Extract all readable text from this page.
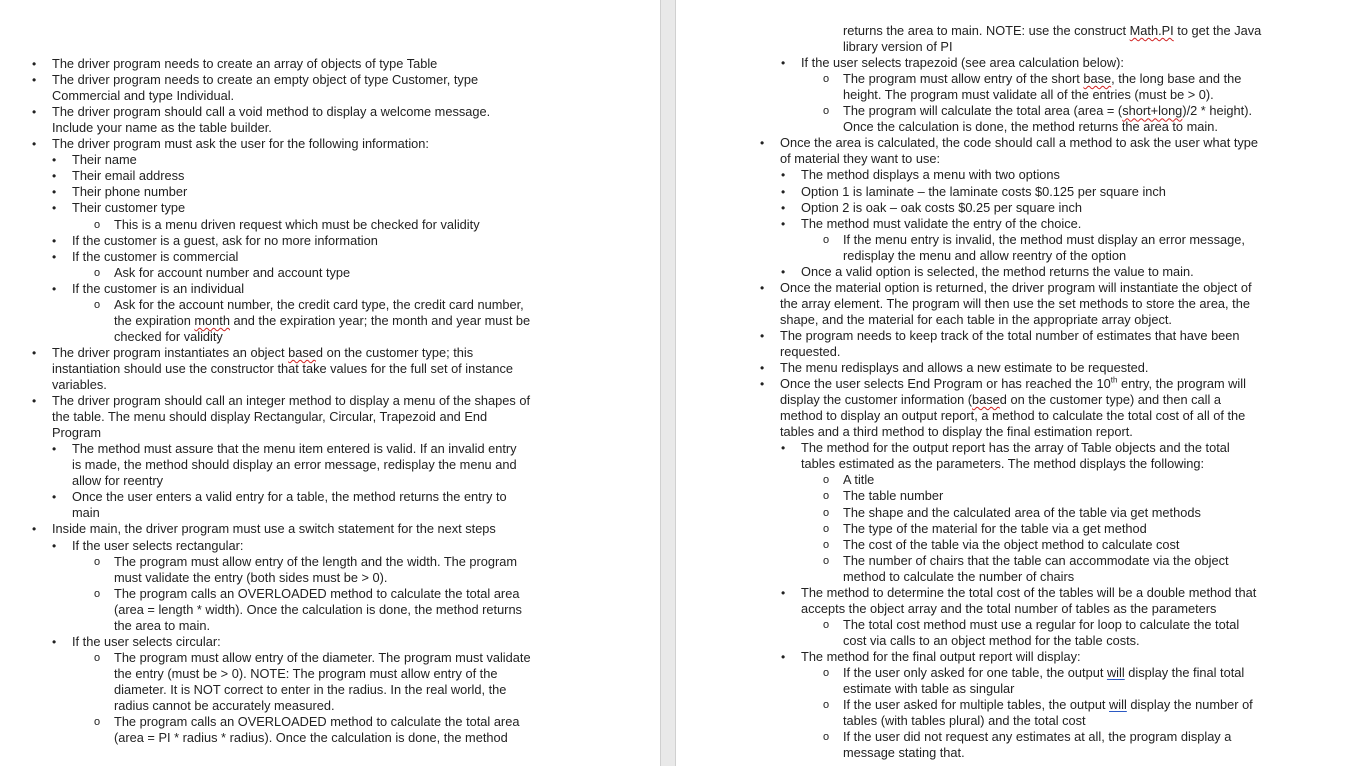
• The driver program needs to create an array of objects of type Table
• The driver program needs to create an empty object of type Customer, type
Commercial and type Individual.
• The driver program should call a void method to display a welcome message.
Include your name as the table builder.
• The driver program must ask the user for the following information:
• Their name
• Their email address
• Their phone number
• Their customer type
o This is a menu driven request which must be checked for validity
• If the customer is a guest, ask for no more information
• If the customer is commercial
o Ask for account number and account type
• If the customer is an individual
o Ask for the account number, the credit card type, the credit card number,
the expiration month and the expiration year; the month and year must be
checked for validity
• The driver program instantiates an object based on the customer type; this
instantiation should use the constructor that take values for the full set of instance
variables.
• The driver program should call an integer method to display a menu of the shapes of
the table. The menu should display Rectangular, Circular, Trapezoid and End
Program
• The method must assure that the menu item entered is valid. If an invalid entry
is made, the method should display an error message, redisplay the menu and
allow for reentry
• Once the user enters a valid entry for a table, the method returns the entry to
main
• Inside main, the driver program must use a switch statement for the next steps
• If the user selects rectangular:
o The program must allow entry of the length and the width. The program
must validate the entry (both sides must be > 0).
o The program calls an OVERLOADED method to calculate the total area
(area = length * width). Once the calculation is done, the method returns
the area to main.
• If the user selects circular:
o The program must allow entry of the diameter. The program must validate
the entry (must be > 0). NOTE: The program must allow entry of the
diameter. It is NOT correct to enter in the radius. In the real world, the
radius cannot be accurately measured.
o The program calls an OVERLOADED method to calculate the total area
(area = PI * radius * radius). Once the calculation is done, the method
returns the area to main. NOTE: use the construct Math.PI to get the Java
library version of PI
• If the user selects trapezoid (see area calculation below):
o The program must allow entry of the short base, the long base and the
height. The program must validate all of the entries (must be > 0).
o The program will calculate the total area (area = (short+long)/2 * height).
Once the calculation is done, the method returns the area to main.
• Once the area is calculated, the code should call a method to ask the user what type
of material they want to use:
• The method displays a menu with two options
• Option 1 is laminate – the laminate costs $0.125 per square inch
• Option 2 is oak – oak costs $0.25 per square inch
• The method must validate the entry of the choice.
o If the menu entry is invalid, the method must display an error message,
redisplay the menu and allow reentry of the option
• Once a valid option is selected, the method returns the value to main.
• Once the material option is returned, the driver program will instantiate the object of
the array element. The program will then use the set methods to store the area, the
shape, and the material for each table in the appropriate array object.
• The program needs to keep track of the total number of estimates that have been
requested.
• The menu redisplays and allows a new estimate to be requested.
• Once the user selects End Program or has reached the 10th entry, the program will
display the customer information (based on the customer type) and then call a
method to display an output report, a method to calculate the total cost of all of the
tables and a third method to display the final estimation report.
• The method for the output report has the array of Table objects and the total
tables estimated as the parameters. The method displays the following:
o A title
o The table number
o The shape and the calculated area of the table via get methods
o The type of the material for the table via a get method
o The cost of the table via the object method to calculate cost
o The number of chairs that the table can accommodate via the object
method to calculate the number of chairs
• The method to determine the total cost of the tables will be a double method that
accepts the object array and the total number of tables as the parameters
o The total cost method must use a regular for loop to calculate the total
cost via calls to an object method for the table costs.
• The method for the final output report will display:
o If the user only asked for one table, the output will display the final total
estimate with table as singular
o If the user asked for multiple tables, the output will display the number of
tables (with tables plural) and the total cost
o If the user did not request any estimates at all, the program display a
message stating that.
